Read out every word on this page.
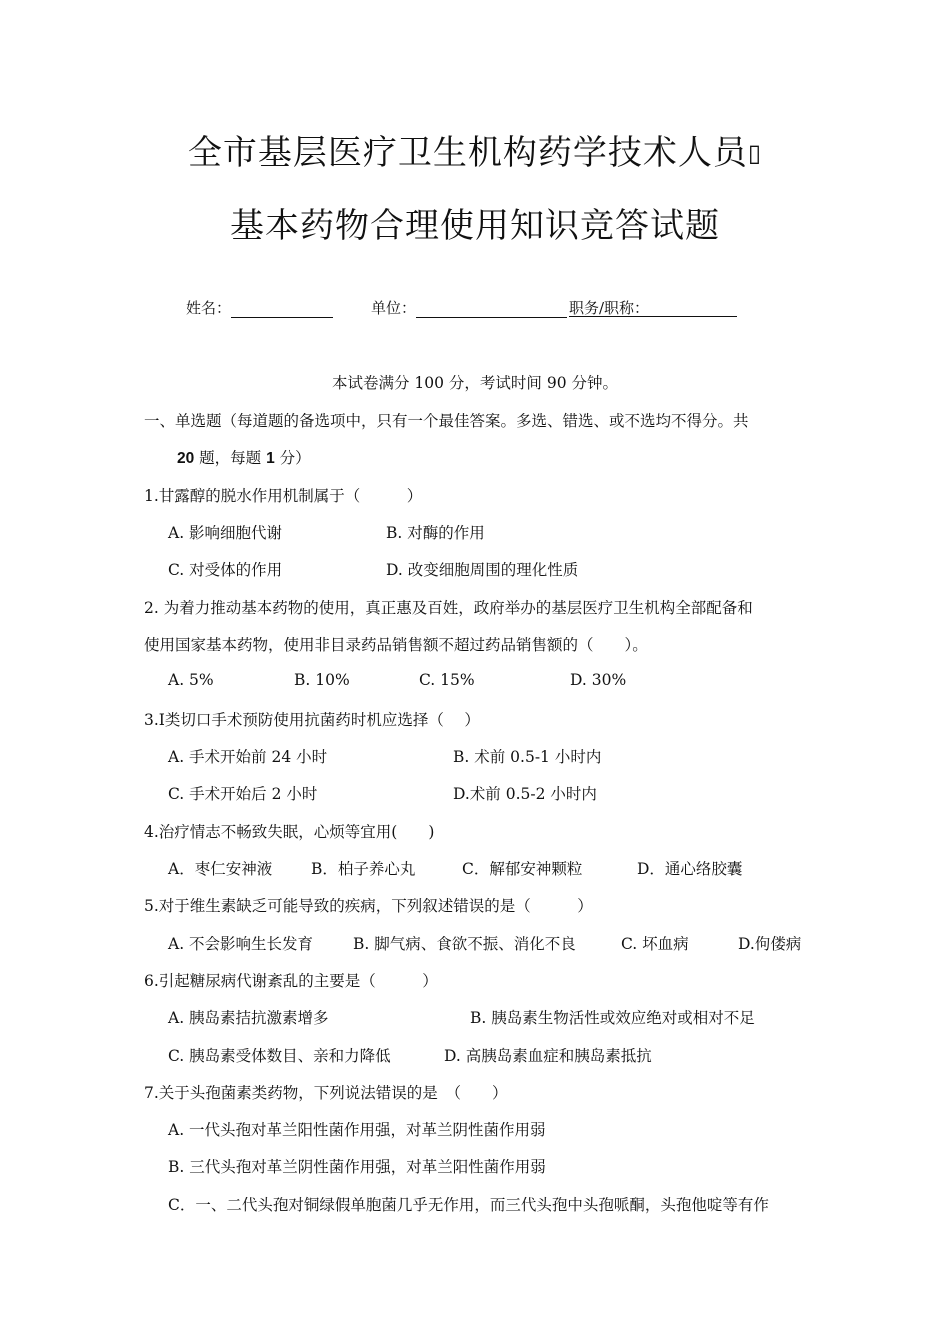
全市基层医疗卫生机构药学技术人员▯
基本药物合理使用知识竞答试题
姓名：	单位：	职务/职称：
本试卷满分 100 分，考试时间 90 分钟。
一、单选题（每道题的备选项中，只有一个最佳答案。多选、错选、或不选均不得分。共
20 题，每题 1 分）
1.甘露醇的脱水作用机制属于（　　　）
A. 影响细胞代谢	B. 对酶的作用
C. 对受体的作用	D. 改变细胞周围的理化性质
2. 为着力推动基本药物的使用，真正惠及百姓，政府举办的基层医疗卫生机构全部配备和
使用国家基本药物，使用非目录药品销售额不超过药品销售额的（　　）。
A. 5%	B. 10%	C. 15%	D. 30%
3.Ⅰ类切口手术预防使用抗菌药时机应选择（　 ）
A. 手术开始前 24 小时	B. 术前 0.5-1 小时内
C. 手术开始后 2 小时	D.术前 0.5-2 小时内
4.治疗情志不畅致失眠，心烦等宜用(　　)
A．枣仁安神液	B．柏子养心丸	C．解郁安神颗粒	D．通心络胶囊
5.对于维生素缺乏可能导致的疾病，下列叙述错误的是（　　　）
A. 不会影响生长发育	B. 脚气病、食欲不振、消化不良	C. 坏血病	D.佝偻病
6.引起糖尿病代谢紊乱的主要是（　　　）
A. 胰岛素拮抗激素增多	B. 胰岛素生物活性或效应绝对或相对不足
C. 胰岛素受体数目、亲和力降低	D. 高胰岛素血症和胰岛素抵抗
7.关于头孢菌素类药物，下列说法错误的是　（　　）
A. 一代头孢对革兰阳性菌作用强，对革兰阴性菌作用弱
B. 三代头孢对革兰阴性菌作用强，对革兰阳性菌作用弱
C．一、二代头孢对铜绿假单胞菌几乎无作用，而三代头孢中头孢哌酮，头孢他啶等有作
